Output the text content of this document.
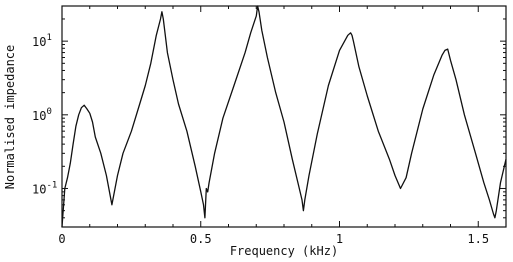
0	0.5	1	1.5
$10^{-1}$
$10^0$
$10^1$
Frequency (kHz)
Normalised impedance
